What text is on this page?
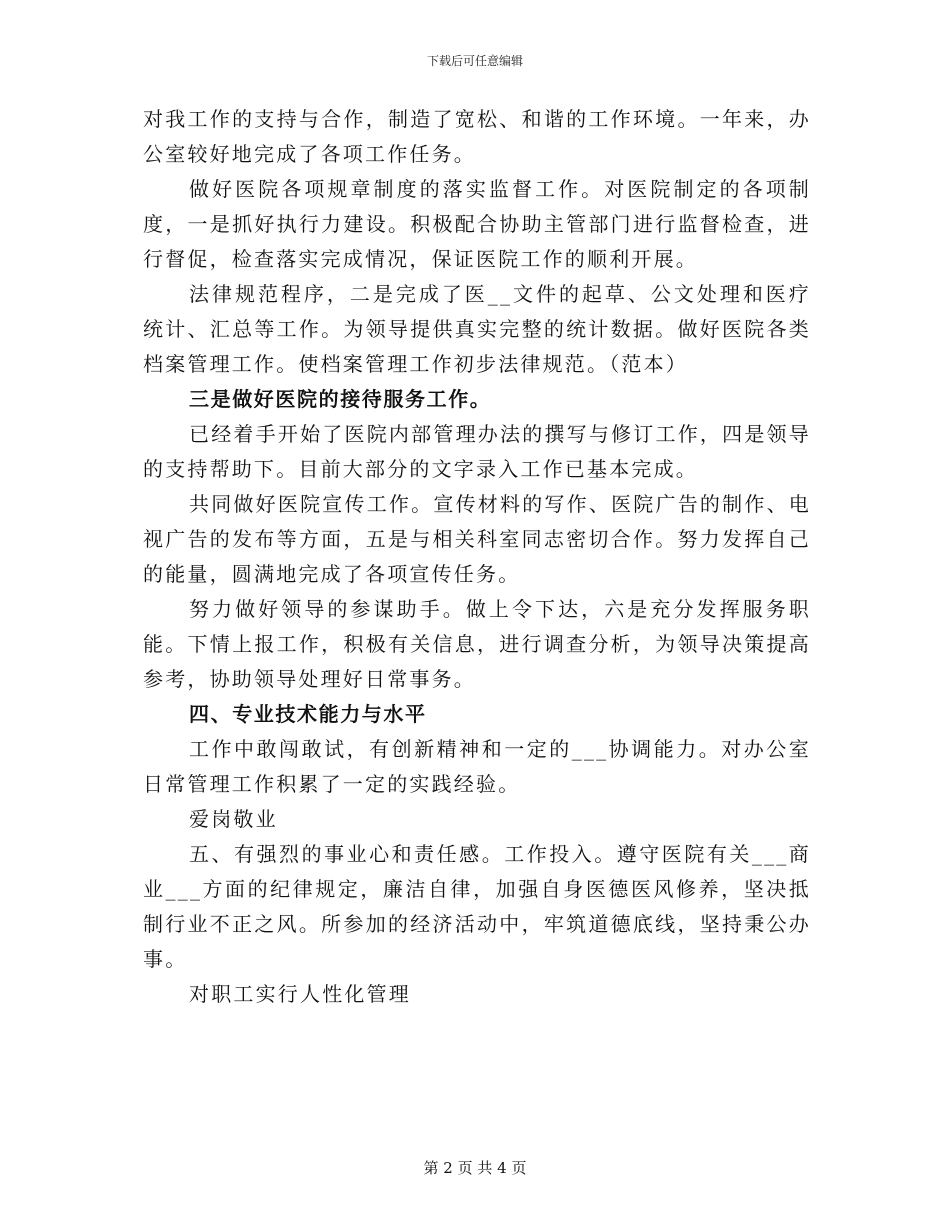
下载后可任意编辑

对我工作的支持与合作，制造了宽松、和谐的工作环境。一年来，办公室较好地完成了各项工作任务。

做好医院各项规章制度的落实监督工作。对医院制定的各项制度，一是抓好执行力建设。积极配合协助主管部门进行监督检查，进行督促，检查落实完成情况，保证医院工作的顺利开展。

法律规范程序，二是完成了医__文件的起草、公文处理和医疗统计、汇总等工作。为领导提供真实完整的统计数据。做好医院各类档案管理工作。使档案管理工作初步法律规范。（范本）

三是做好医院的接待服务工作。

已经着手开始了医院内部管理办法的撰写与修订工作，四是领导的支持帮助下。目前大部分的文字录入工作已基本完成。

共同做好医院宣传工作。宣传材料的写作、医院广告的制作、电视广告的发布等方面，五是与相关科室同志密切合作。努力发挥自己的能量，圆满地完成了各项宣传任务。

努力做好领导的参谋助手。做上令下达，六是充分发挥服务职能。下情上报工作，积极有关信息，进行调查分析，为领导决策提高参考，协助领导处理好日常事务。

四、专业技术能力与水平

工作中敢闯敢试，有创新精神和一定的___协调能力。对办公室日常管理工作积累了一定的实践经验。

爱岗敬业

五、有强烈的事业心和责任感。工作投入。遵守医院有关___商业___方面的纪律规定，廉洁自律，加强自身医德医风修养，坚决抵制行业不正之风。所参加的经济活动中，牢筑道德底线，坚持秉公办事。

对职工实行人性化管理

第 2 页 共 4 页
